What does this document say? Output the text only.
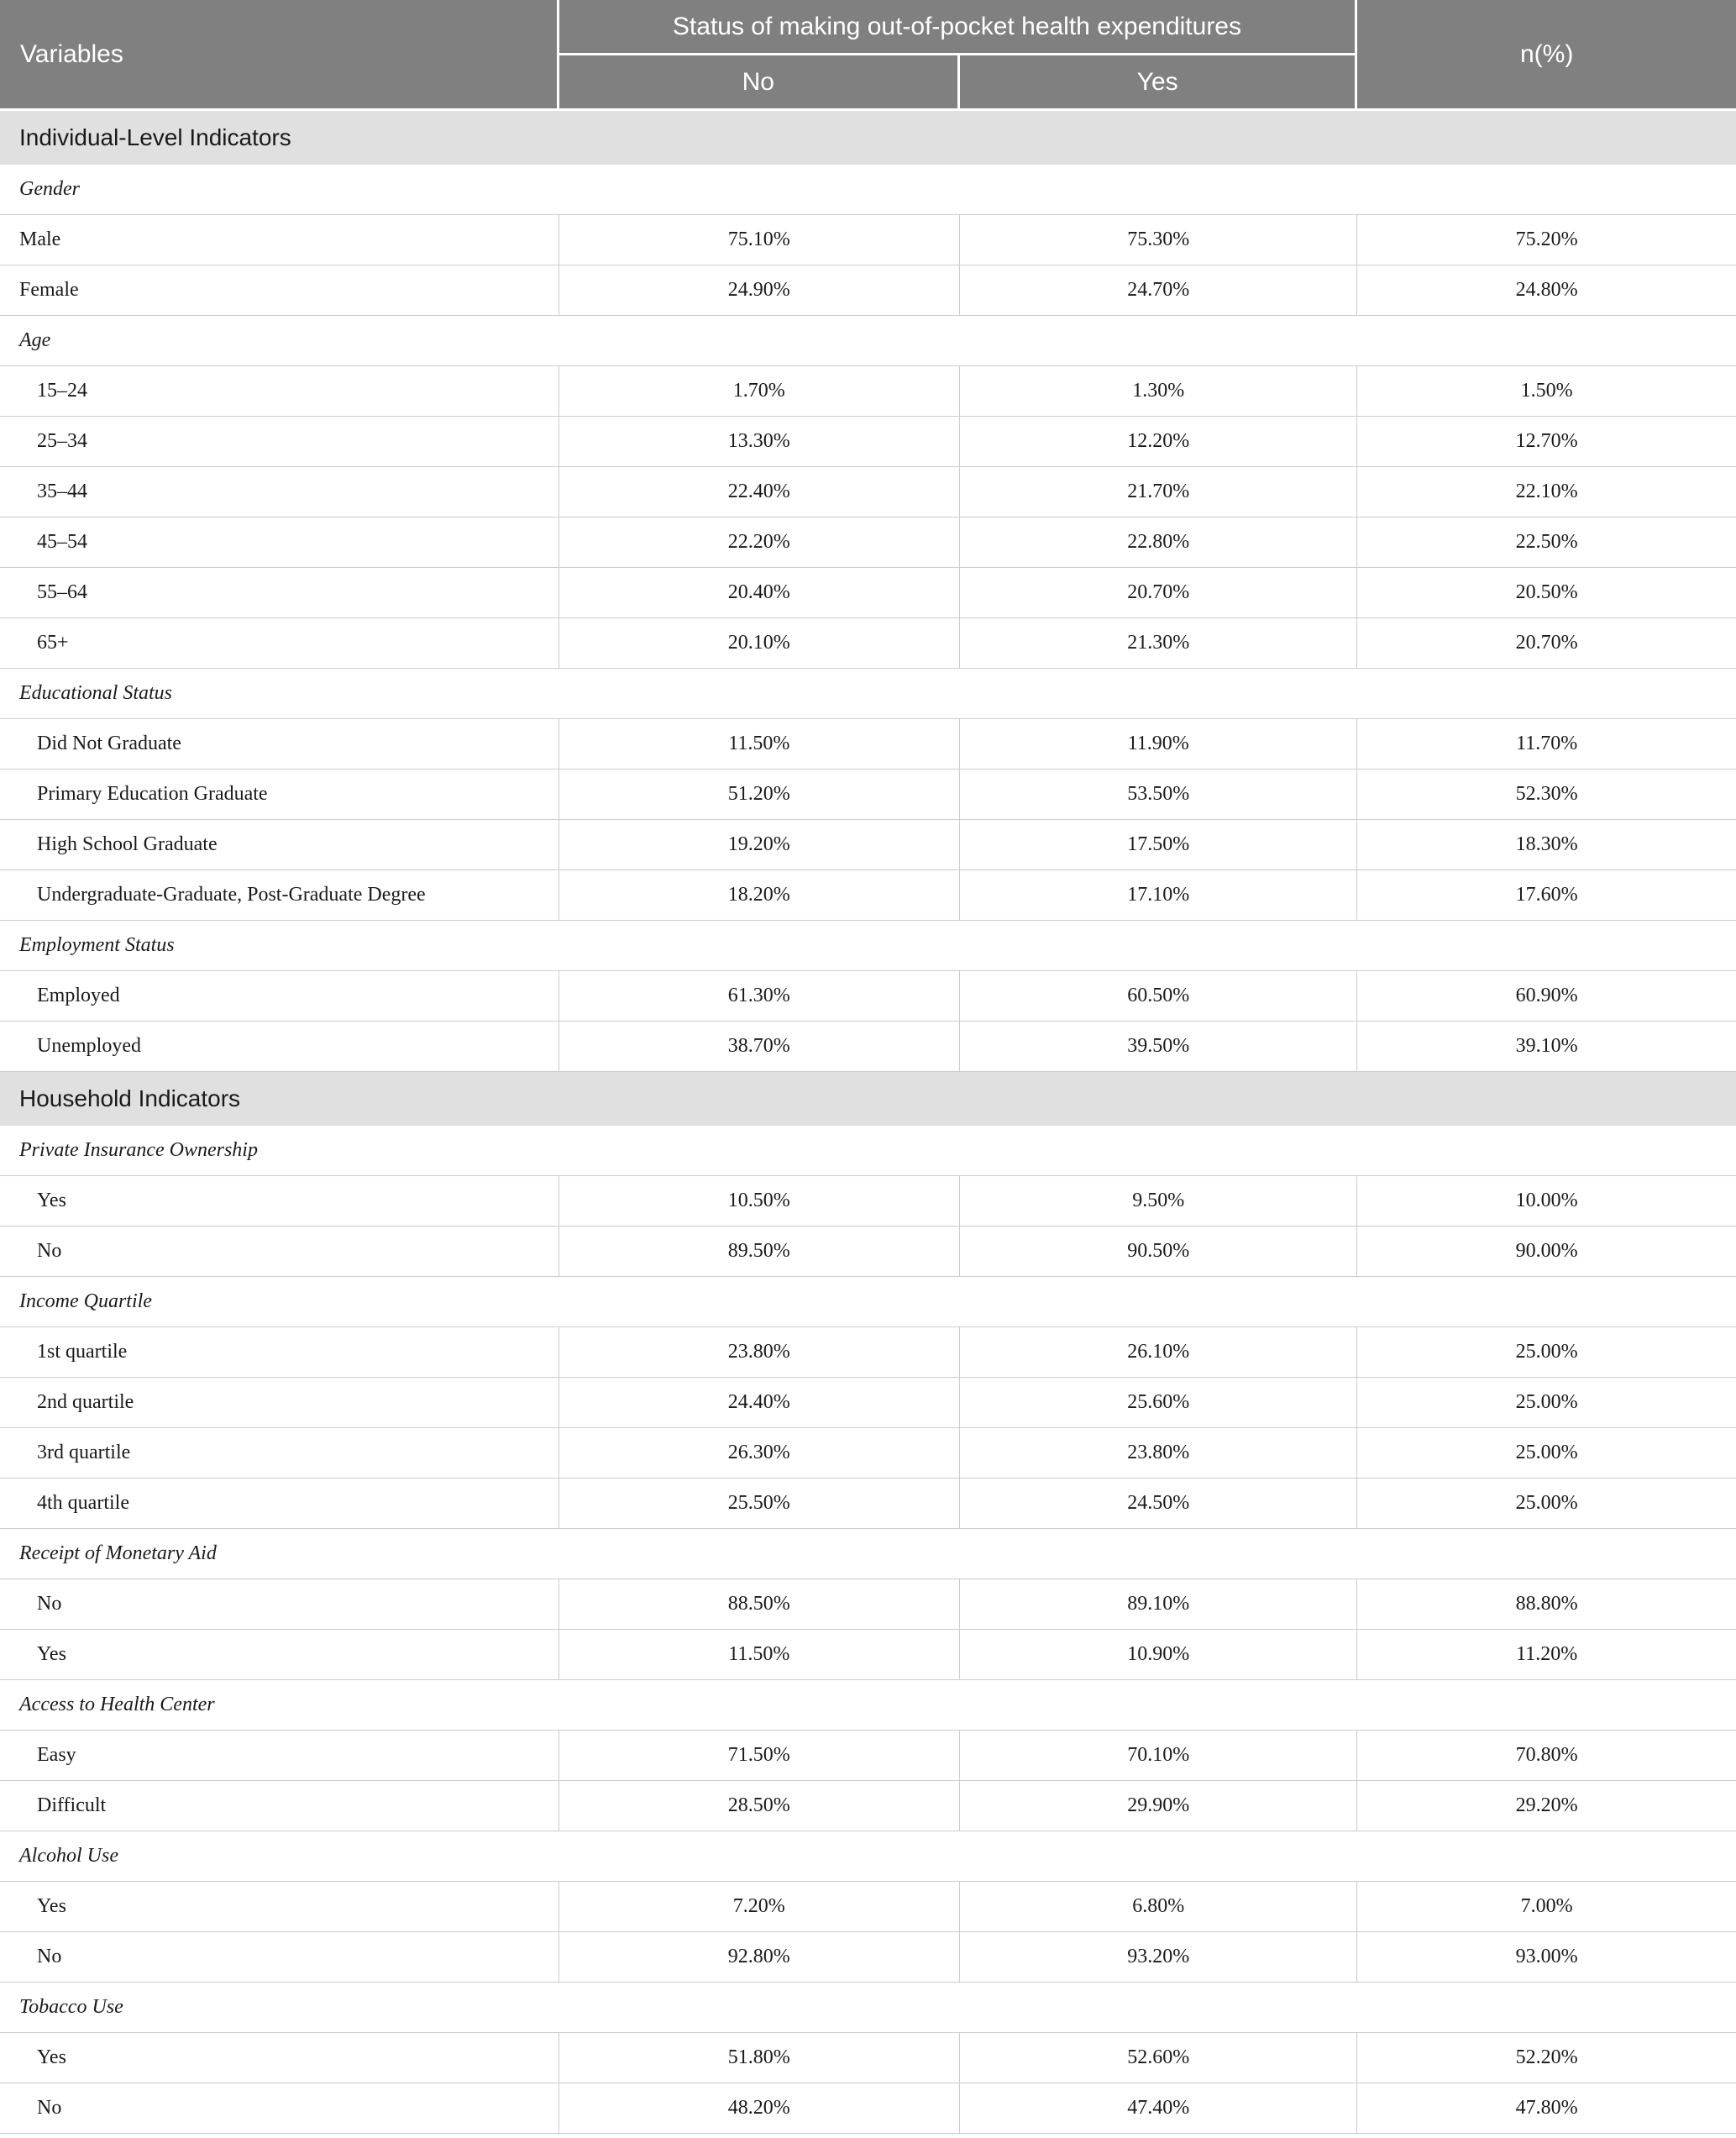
Variables	Status of making out-of-pocket health expenditures		n(%)
	No	Yes	
Individual-Level Indicators			
Gender			
Male	75.10%	75.30%	75.20%
Female	24.90%	24.70%	24.80%
Age			
15–24	1.70%	1.30%	1.50%
25–34	13.30%	12.20%	12.70%
35–44	22.40%	21.70%	22.10%
45–54	22.20%	22.80%	22.50%
55–64	20.40%	20.70%	20.50%
65+	20.10%	21.30%	20.70%
Educational Status			
Did Not Graduate	11.50%	11.90%	11.70%
Primary Education Graduate	51.20%	53.50%	52.30%
High School Graduate	19.20%	17.50%	18.30%
Undergraduate-Graduate, Post-Graduate Degree	18.20%	17.10%	17.60%
Employment Status			
Employed	61.30%	60.50%	60.90%
Unemployed	38.70%	39.50%	39.10%
Household Indicators			
Private Insurance Ownership			
Yes	10.50%	9.50%	10.00%
No	89.50%	90.50%	90.00%
Income Quartile			
1st quartile	23.80%	26.10%	25.00%
2nd quartile	24.40%	25.60%	25.00%
3rd quartile	26.30%	23.80%	25.00%
4th quartile	25.50%	24.50%	25.00%
Receipt of Monetary Aid			
No	88.50%	89.10%	88.80%
Yes	11.50%	10.90%	11.20%
Access to Health Center			
Easy	71.50%	70.10%	70.80%
Difficult	28.50%	29.90%	29.20%
Alcohol Use			
Yes	7.20%	6.80%	7.00%
No	92.80%	93.20%	93.00%
Tobacco Use			
Yes	51.80%	52.60%	52.20%
No	48.20%	47.40%	47.80%
